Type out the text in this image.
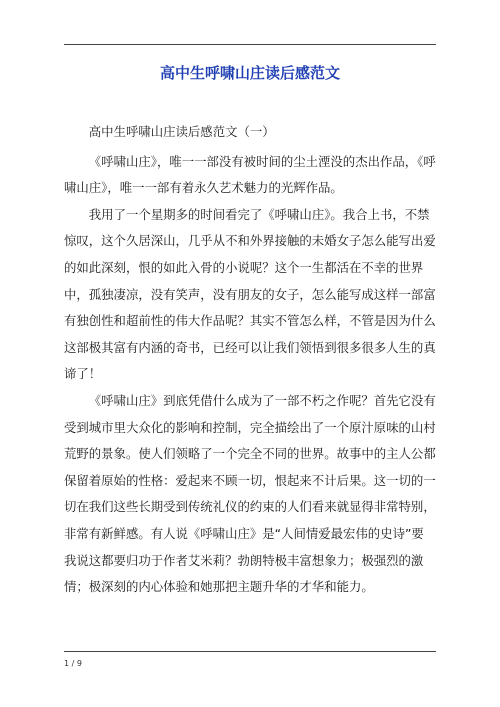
高中生呼啸山庄读后感范文

高中生呼啸山庄读后感范文（一）

《呼啸山庄》，唯一一部没有被时间的尘土湮没的杰出作品，《呼啸山庄》，唯一一部有着永久艺术魅力的光辉作品。

我用了一个星期多的时间看完了《呼啸山庄》。我合上书，不禁惊叹，这个久居深山，几乎从不和外界接触的未婚女子怎么能写出爱的如此深刻，恨的如此入骨的小说呢？这个一生都活在不幸的世界中，孤独凄凉，没有笑声，没有朋友的女子，怎么能写成这样一部富有独创性和超前性的伟大作品呢？其实不管怎么样，不管是因为什么这部极其富有内涵的奇书，已经可以让我们领悟到很多很多人生的真谛了！

《呼啸山庄》到底凭借什么成为了一部不朽之作呢？首先它没有受到城市里大众化的影响和控制，完全描绘出了一个原汁原味的山村荒野的景象。使人们领略了一个完全不同的世界。故事中的主人公都保留着原始的性格：爱起来不顾一切，恨起来不计后果。这一切的一切在我们这些长期受到传统礼仪的约束的人们看来就显得非常特别，非常有新鲜感。有人说《呼啸山庄》是“人间情爱最宏伟的史诗”要我说这都要归功于作者艾米莉？勃朗特极丰富想象力；极强烈的激情；极深刻的内心体验和她那把主题升华的才华和能力。

1 / 9
